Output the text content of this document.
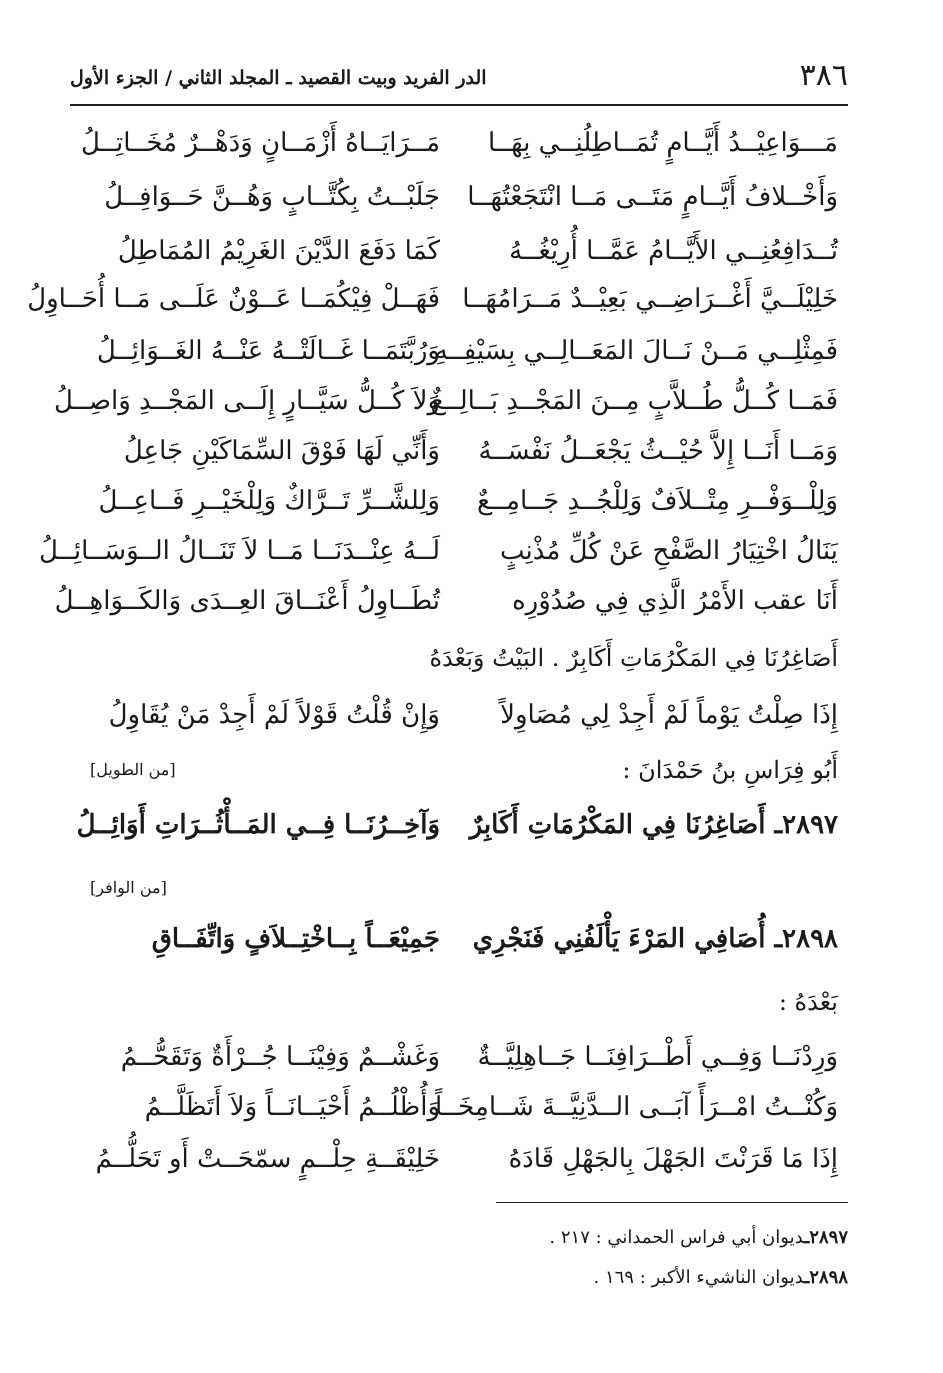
٣٨٦
الدر الفريد وبيت القصيد ـ المجلد الثاني / الجزء الأول
مَـــوَاعِيْــدُ أَيَّــامٍ تُمَــاطِلُنِــي بِهَــا
مَــرَايَــاهُ أَزْمَــانٍ وَدَهْــرٌ مُخَــاتِــلُ
وَأَخْــلافُ أَيَّــامٍ مَتَــى مَــا انْتَجَعْتُهَــا
جَلَبْــتُ بِكُتَّــابٍ وَهُــنَّ حَــوَافِــلُ
تُــدَافِعُنِــي الأَيَّــامُ عَمَّــا أُرِيْغُــهُ
كَمَا دَفَعَ الدَّيْنَ الغَرِيْمُ المُمَاطِلُ
خَلِيْلَــيَّ أَغْــرَاضِــي بَعِيْــدٌ مَــرَامُهَــا
فَهَــلْ فِيْكُمَــا عَــوْنٌ عَلَــى مَــا أُحَــاوِلُ
فَمِثْلِــي مَــنْ نَــالَ المَعَــالِــي بِسَيْفِــهِ
وَرُبَّتَمَــا غَــالَتْــهُ عَنْــهُ الغَــوَائِــلُ
فَمَــا كُــلُّ طُــلاَّبٍ مِــنَ المَجْــدِ بَــالِــغٌ
وَلاَ كُــلُّ سَيَّــارٍ إِلَــى المَجْــدِ وَاصِــلُ
وَمَــا أَنَــا إِلاَّ حُيْــثُ يَجْعَــلُ نَفْسَــهُ
وَأَنِّي لَهَا فَوْقَ السِّمَاكَيْنِ جَاعِلُ
وَلِلْــوَفْــرِ مِتْــلاَفٌ وَلِلْجُــدِ جَــامِــعٌ
وَلِلشَّــرِّ تَــرَّاكٌ وَلِلْخَيْــرِ فَــاعِــلُ
يَنَالُ اخْتِيَارُ الصَّفْحِ عَنْ كُلِّ مُذْنِبٍ
لَــهُ عِنْــدَنَــا مَــا لاَ تَنَــالُ الــوَسَــائِــلُ
أَنَا عقب الأَمْرُ الَّذِي فِي صُدُوْرِه
تُطَــاوِلُ أَعْنَــاقَ العِــدَى وَالكَــوَاهِــلُ
أَصَاغِرُنَا فِي المَكْرُمَاتِ أَكَابِرٌ . البَيْتُ وَبَعْدَهُ
إِذَا صِلْتُ يَوْماً لَمْ أَجِدْ لِي مُصَاوِلاً
وَإِنْ قُلْتُ قَوْلاً لَمْ أَجِدْ مَنْ يُقَاوِلُ
أَبُو فِرَاسِ بنُ حَمْدَانَ :
[من الطويل]
٢٨٩٧ـ أَصَاغِرُنَا فِي المَكْرُمَاتِ أَكَابِرٌ
وَآخِــرُنَــا فِــي المَــأْثُــرَاتِ أَوَائِــلُ
[من الوافر]
٢٨٩٨ـ أُصَافِي المَرْءَ يَأْلَفُنِي فَنَجْرِي
جَمِيْعَــاً بِــاخْتِــلاَفٍ وَاتِّفَــاقِ
بَعْدَهُ :
وَرِدْنَــا وَفِــي أَطْــرَافِنَــا جَــاهِلِيَّــةٌ
وَغَشْــمٌ وَفِيْنَــا جُــرْأَةٌ وَتَقَحُّــمُ
وَكُنْــتُ امْــرَأً آبَــى الــدَّنِيَّــةَ شَــامِخَــاً
وَأُظْلُــمُ أَحْيَــانَــاً وَلاَ أَتَظَلَّــمُ
إِذَا مَا قَرَنْتَ الجَهْلَ بِالجَهْلِ قَادَهُ
خَلِيْقَــةِ حِلْــمٍ سمّحَــتْ أَو تَحَلُّــمُ
٢٨٩٧ـديوان أبي فراس الحمداني : ٢١٧ .
٢٨٩٨ـديوان الناشيء الأكبر : ١٦٩ .
